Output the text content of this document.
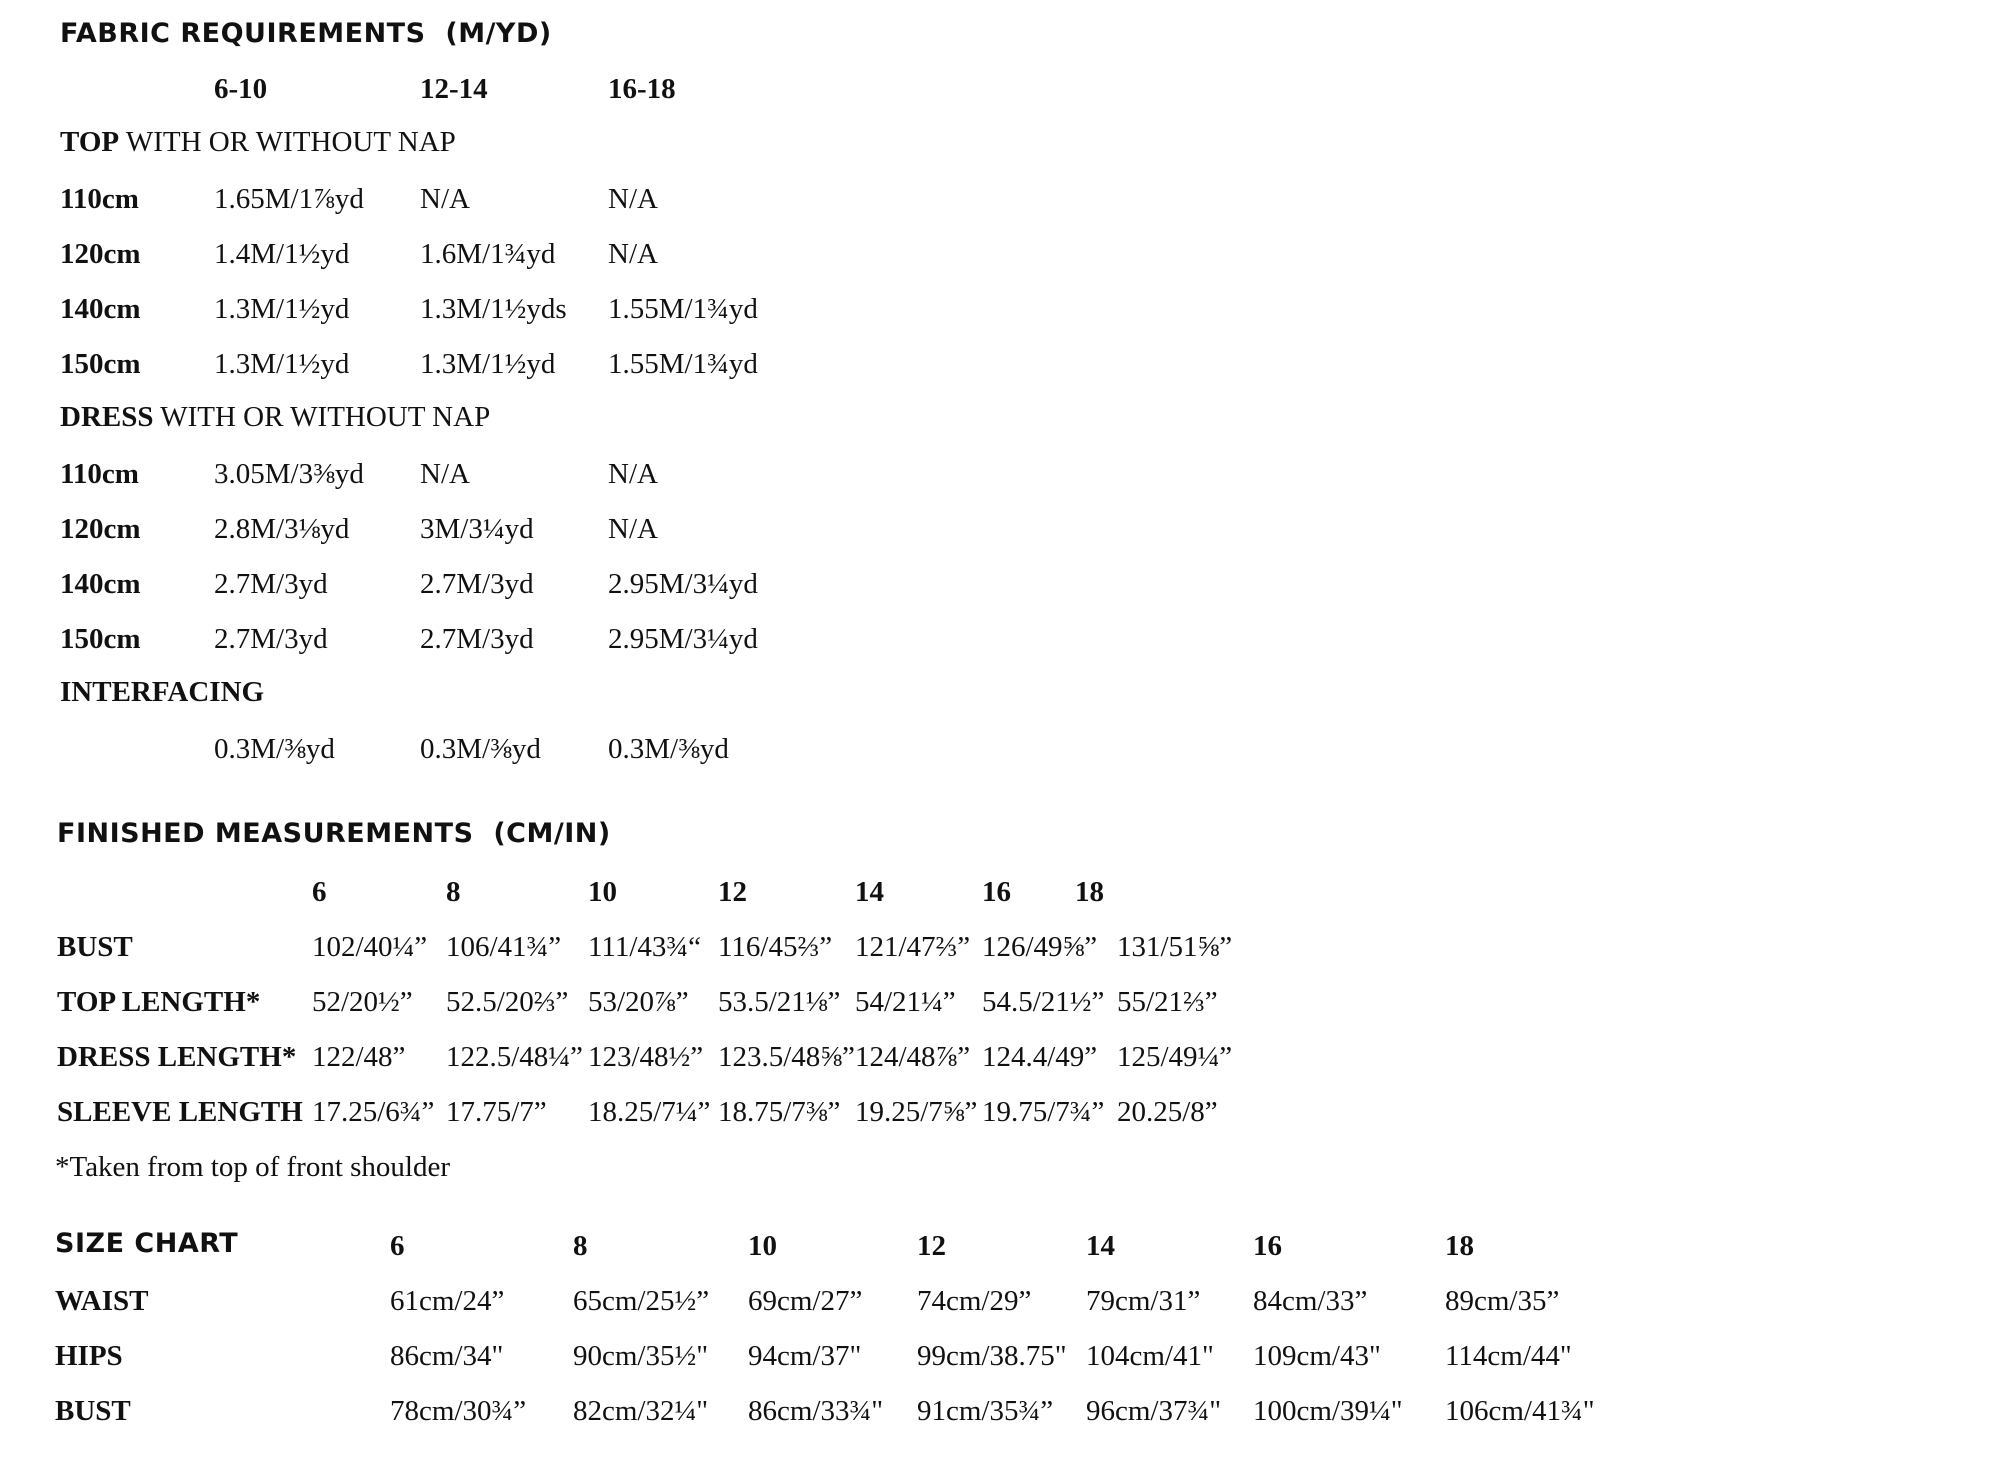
FABRIC REQUIREMENTS (M/YD)
6-10	12-14	16-18
TOP WITH OR WITHOUT NAP
110cm	1.65M/1⅞yd N/A	N/A
120cm	1.4M/1½yd 1.6M/1¾yd N/A
140cm	1.3M/1½yd 1.3M/1½yds 1.55M/1¾yd
150cm	1.3M/1½yd 1.3M/1½yd 1.55M/1¾yd
DRESS WITH OR WITHOUT NAP
110cm	3.05M/3⅜yd N/A	N/A
120cm	2.8M/3⅛yd 3M/3¼yd	N/A
140cm	2.7M/3yd	2.7M/3yd	2.95M/3¼yd
150cm	2.7M/3yd	2.7M/3yd	2.95M/3¼yd
INTERFACING
0.3M/⅜yd	0.3M/⅜yd 0.3M/⅜yd
FINISHED MEASUREMENTS (CM/IN)
6	8	10	12	14	16 18
BUST	102/40¼” 106/41¾” 111/43¾“ 116/45⅔” 121/47⅔” 126/49⅝” 131/51⅝”
TOP LENGTH* 52/20½” 52.5/20⅔” 53/20⅞” 53.5/21⅛” 54/21¼” 54.5/21½” 55/21⅔”
DRESS LENGTH* 122/48” 122.5/48¼” 123/48½” 123.5/48⅝” 124/48⅞” 124.4/49” 125/49¼”
SLEEVE LENGTH 17.25/6¾” 17.75/7” 18.25/7¼” 18.75/7⅜” 19.25/7⅝” 19.75/7¾” 20.25/8”
*Taken from top of front shoulder
SIZE CHART	6	8	10	12	14	16	18
WAIST	61cm/24” 65cm/25½” 69cm/27” 74cm/29” 79cm/31” 84cm/33”	89cm/35”
HIPS	86cm/34" 90cm/35½" 94cm/37" 99cm/38.75" 104cm/41" 109cm/43" 114cm/44"
BUST	78cm/30¾” 82cm/32¼" 86cm/33¾" 91cm/35¾” 96cm/37¾" 100cm/39¼" 106cm/41¾"
